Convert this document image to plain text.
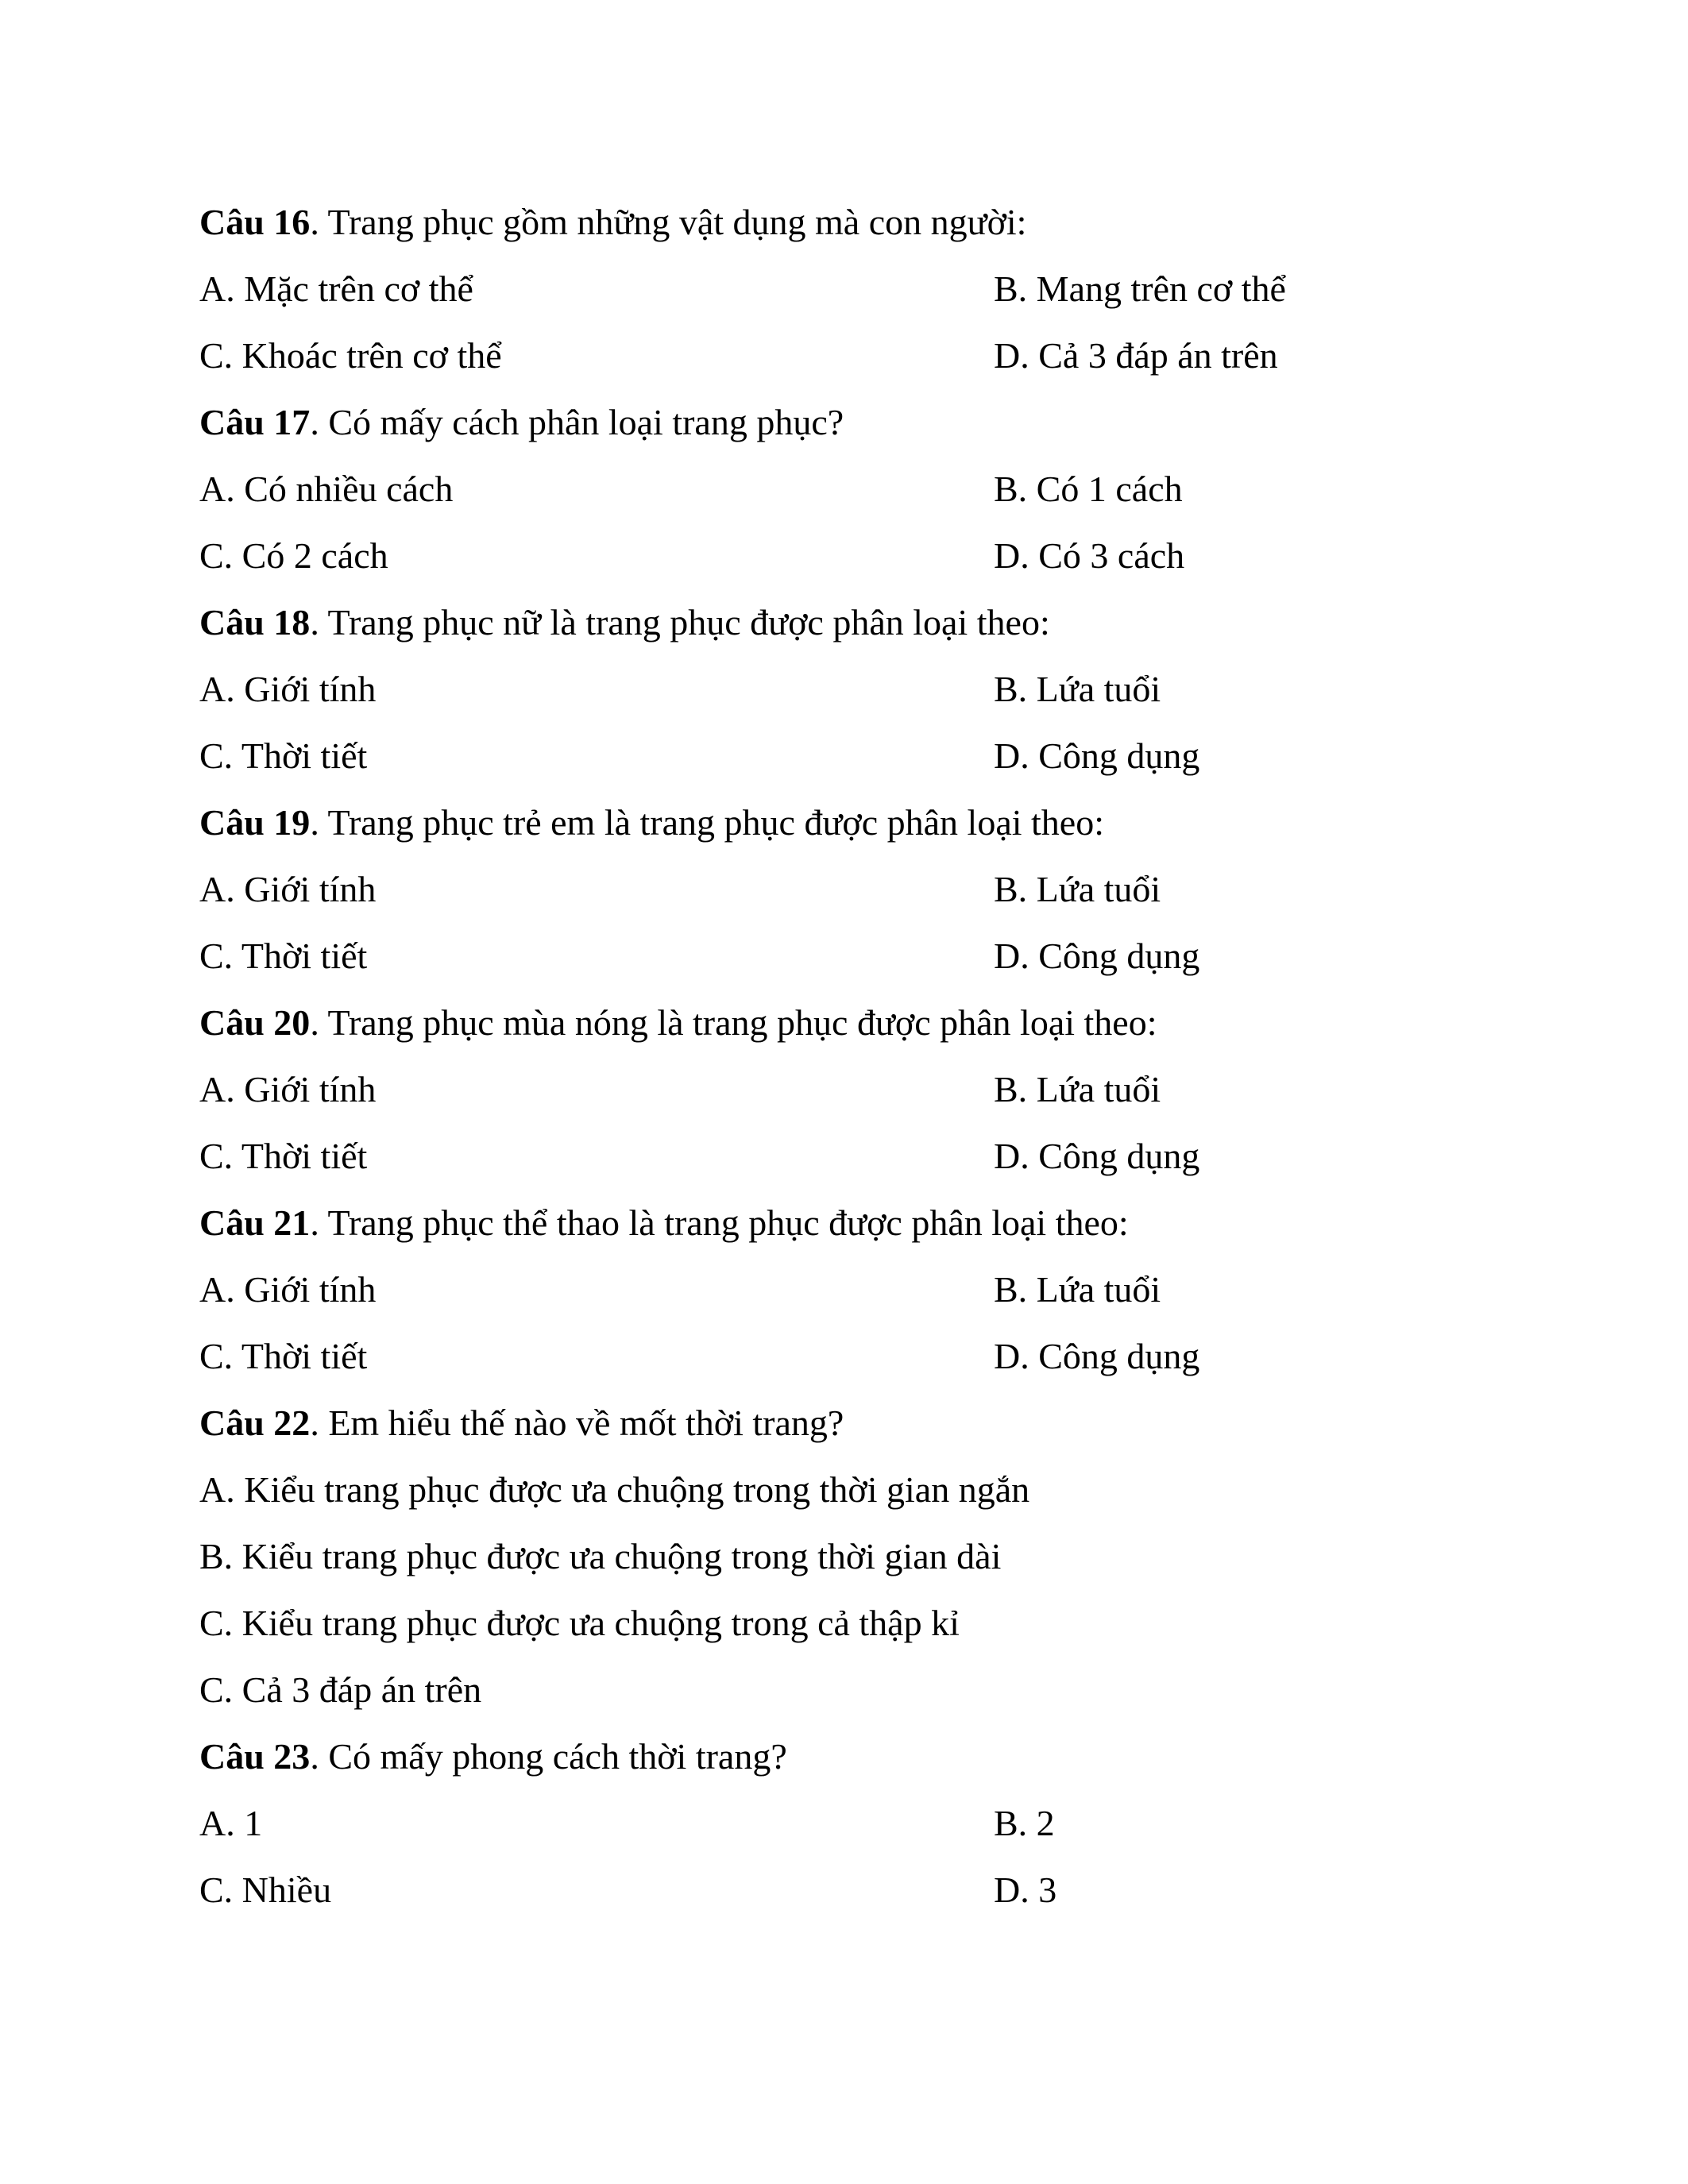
Câu 16. Trang phục gồm những vật dụng mà con người:
A. Mặc trên cơ thể	B. Mang trên cơ thể
C. Khoác trên cơ thể	D. Cả 3 đáp án trên
Câu 17. Có mấy cách phân loại trang phục?
A. Có nhiều cách	B. Có 1 cách
C. Có 2 cách	D. Có 3 cách
Câu 18. Trang phục nữ là trang phục được phân loại theo:
A. Giới tính	B. Lứa tuổi
C. Thời tiết	D. Công dụng
Câu 19. Trang phục trẻ em là trang phục được phân loại theo:
A. Giới tính	B. Lứa tuổi
C. Thời tiết	D. Công dụng
Câu 20. Trang phục mùa nóng là trang phục được phân loại theo:
A. Giới tính	B. Lứa tuổi
C. Thời tiết	D. Công dụng
Câu 21. Trang phục thể thao là trang phục được phân loại theo:
A. Giới tính	B. Lứa tuổi
C. Thời tiết	D. Công dụng
Câu 22. Em hiểu thế nào về mốt thời trang?
A. Kiểu trang phục được ưa chuộng trong thời gian ngắn
B. Kiểu trang phục được ưa chuộng trong thời gian dài
C. Kiểu trang phục được ưa chuộng trong cả thập kỉ
C. Cả 3 đáp án trên
Câu 23. Có mấy phong cách thời trang?
A. 1	B. 2
C. Nhiều	D. 3
